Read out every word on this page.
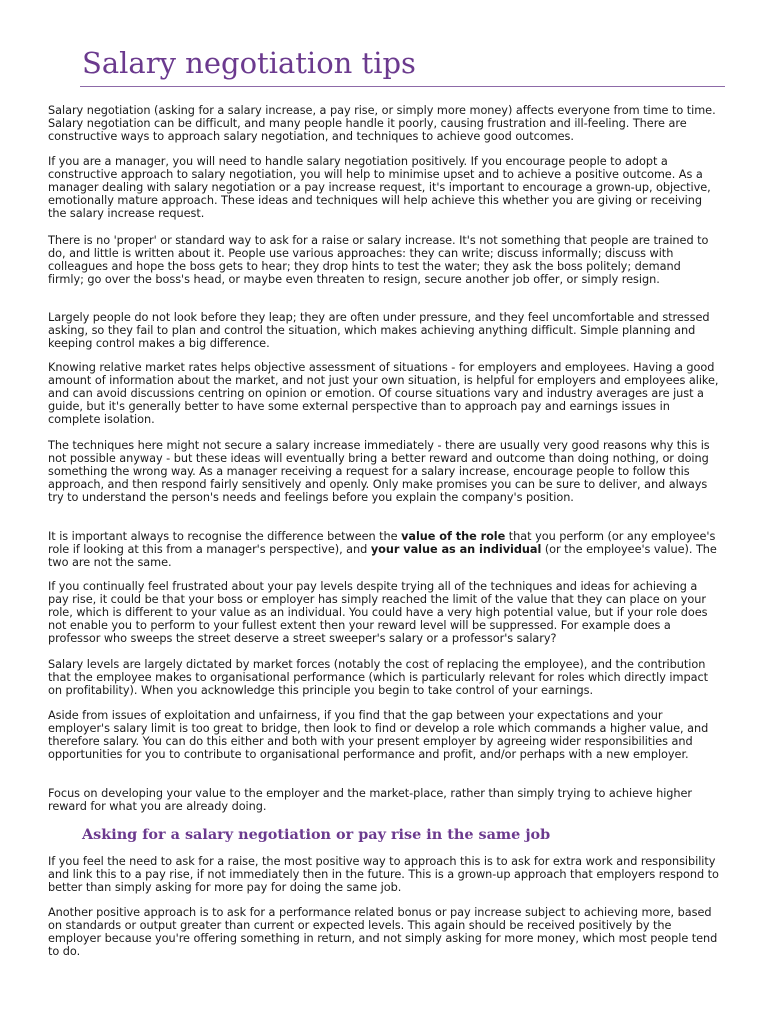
Salary negotiation tips

Salary negotiation (asking for a salary increase, a pay rise, or simply more money) affects everyone from time to time. Salary negotiation can be difficult, and many people handle it poorly, causing frustration and ill-feeling. There are constructive ways to approach salary negotiation, and techniques to achieve good outcomes.

If you are a manager, you will need to handle salary negotiation positively. If you encourage people to adopt a constructive approach to salary negotiation, you will help to minimise upset and to achieve a positive outcome. As a manager dealing with salary negotiation or a pay increase request, it's important to encourage a grown-up, objective, emotionally mature approach. These ideas and techniques will help achieve this whether you are giving or receiving the salary increase request.

There is no 'proper' or standard way to ask for a raise or salary increase. It's not something that people are trained to do, and little is written about it. People use various approaches: they can write; discuss informally; discuss with colleagues and hope the boss gets to hear; they drop hints to test the water; they ask the boss politely; demand firmly; go over the boss's head, or maybe even threaten to resign, secure another job offer, or simply resign.

Largely people do not look before they leap; they are often under pressure, and they feel uncomfortable and stressed asking, so they fail to plan and control the situation, which makes achieving anything difficult. Simple planning and keeping control makes a big difference.

Knowing relative market rates helps objective assessment of situations - for employers and employees. Having a good amount of information about the market, and not just your own situation, is helpful for employers and employees alike, and can avoid discussions centring on opinion or emotion. Of course situations vary and industry averages are just a guide, but it's generally better to have some external perspective than to approach pay and earnings issues in complete isolation.

The techniques here might not secure a salary increase immediately - there are usually very good reasons why this is not possible anyway - but these ideas will eventually bring a better reward and outcome than doing nothing, or doing something the wrong way. As a manager receiving a request for a salary increase, encourage people to follow this approach, and then respond fairly sensitively and openly. Only make promises you can be sure to deliver, and always try to understand the person's needs and feelings before you explain the company's position.

It is important always to recognise the difference between the value of the role that you perform (or any employee's role if looking at this from a manager's perspective), and your value as an individual (or the employee's value). The two are not the same.

If you continually feel frustrated about your pay levels despite trying all of the techniques and ideas for achieving a pay rise, it could be that your boss or employer has simply reached the limit of the value that they can place on your role, which is different to your value as an individual. You could have a very high potential value, but if your role does not enable you to perform to your fullest extent then your reward level will be suppressed. For example does a professor who sweeps the street deserve a street sweeper's salary or a professor's salary?

Salary levels are largely dictated by market forces (notably the cost of replacing the employee), and the contribution that the employee makes to organisational performance (which is particularly relevant for roles which directly impact on profitability). When you acknowledge this principle you begin to take control of your earnings.

Aside from issues of exploitation and unfairness, if you find that the gap between your expectations and your employer's salary limit is too great to bridge, then look to find or develop a role which commands a higher value, and therefore salary. You can do this either and both with your present employer by agreeing wider responsibilities and opportunities for you to contribute to organisational performance and profit, and/or perhaps with a new employer.

Focus on developing your value to the employer and the market-place, rather than simply trying to achieve higher reward for what you are already doing.

Asking for a salary negotiation or pay rise in the same job

If you feel the need to ask for a raise, the most positive way to approach this is to ask for extra work and responsibility and link this to a pay rise, if not immediately then in the future. This is a grown-up approach that employers respond to better than simply asking for more pay for doing the same job.

Another positive approach is to ask for a performance related bonus or pay increase subject to achieving more, based on standards or output greater than current or expected levels. This again should be received positively by the employer because you're offering something in return, and not simply asking for more money, which most people tend to do.
